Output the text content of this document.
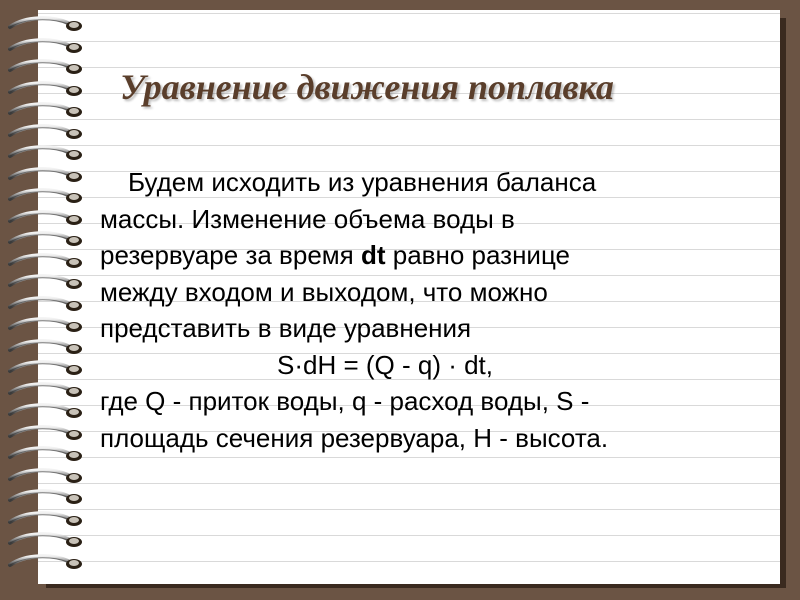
Уравнение движения поплавка
Будем исходить из уравнения баланса
массы. Изменение объема воды в
резервуаре за время dt равно разнице
между входом и выходом, что можно
представить в виде уравнения
S·dH = (Q - q) · dt,
где Q - приток воды, q - расход воды, S -
площадь сечения резервуара, H - высота.
